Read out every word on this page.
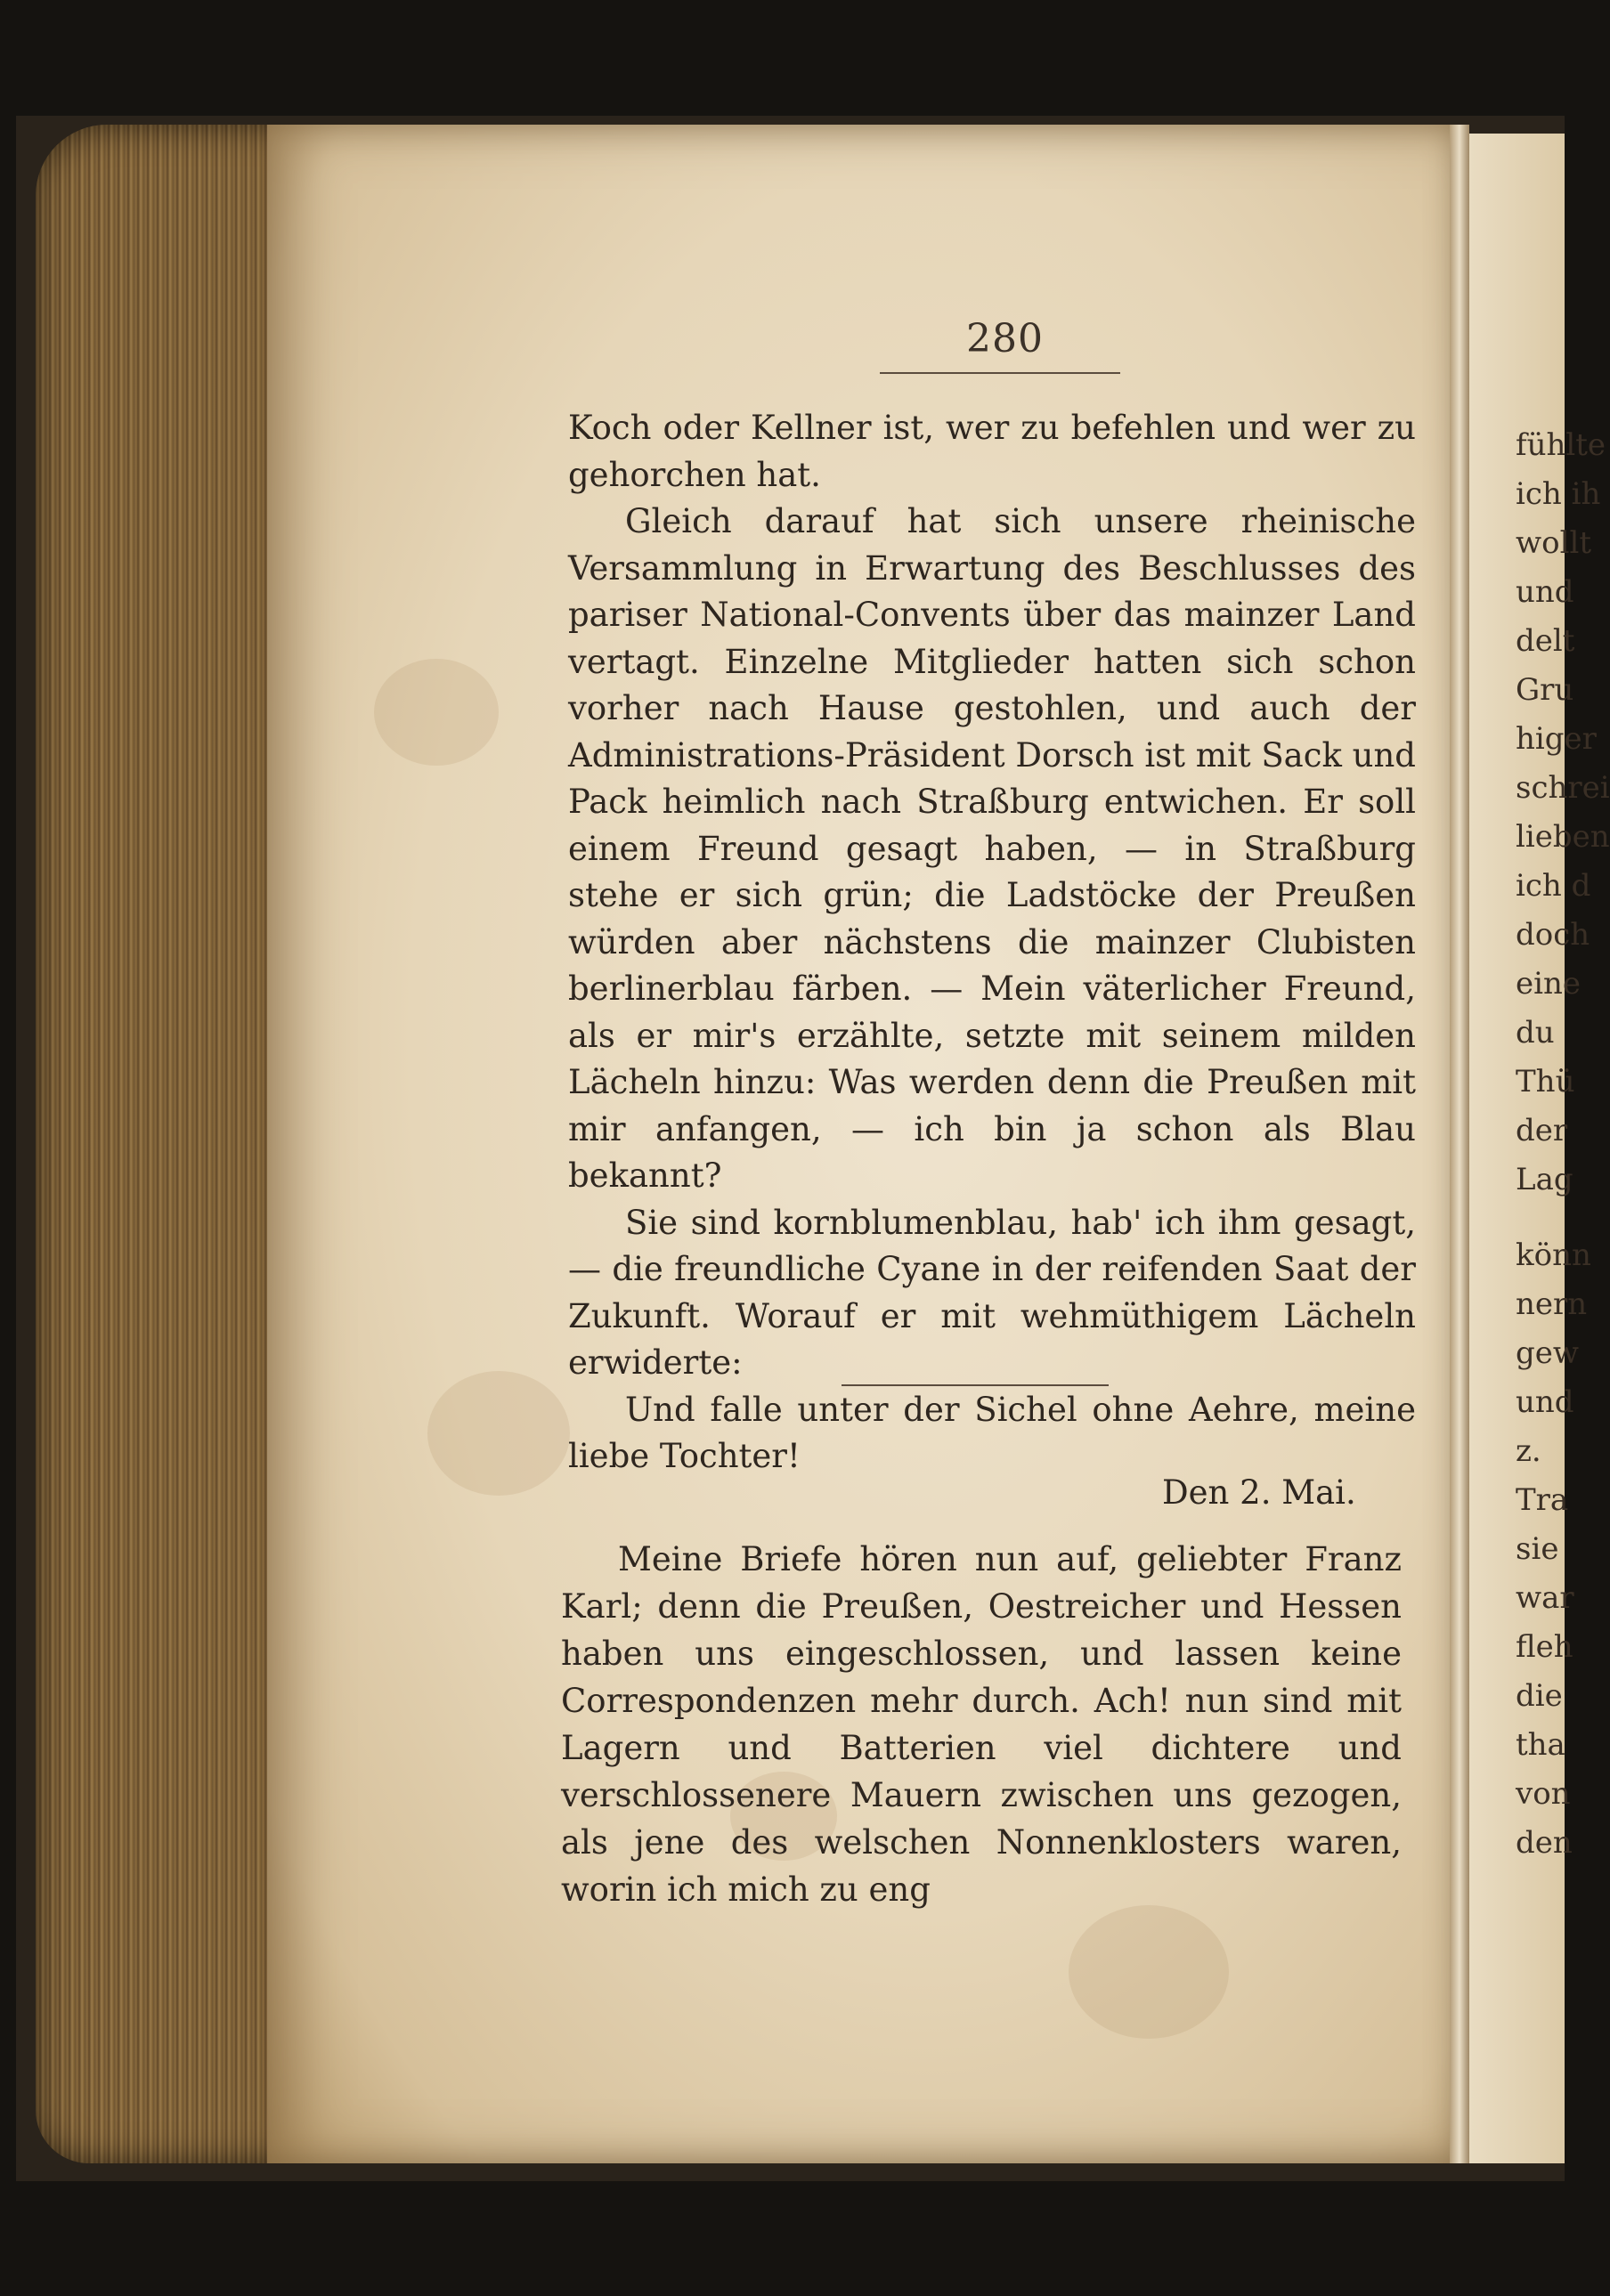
fühlte
ich ih
wollt
und
delt
Gru
higer
schrei
lieben
ich d
doch
eine
du
Thü
der
Lag
könn
nern
gew
und
z.
Tra
sie
war
fleh
die
tha
von
den
280

Koch oder Kellner ist, wer zu befehlen und wer zu gehorchen hat.

Gleich darauf hat sich unsere rheinische Versammlung in Erwartung des Beschlusses des pariser National-Convents über das mainzer Land vertagt. Einzelne Mitglieder hatten sich schon vorher nach Hause gestohlen, und auch der Administrations-Präsident Dorsch ist mit Sack und Pack heimlich nach Straßburg entwichen. Er soll einem Freund gesagt haben, — in Straßburg stehe er sich grün; die Ladstöcke der Preußen würden aber nächstens die mainzer Clubisten berlinerblau färben. — Mein väterlicher Freund, als er mir's erzählte, setzte mit seinem milden Lächeln hinzu: Was werden denn die Preußen mit mir anfangen, — ich bin ja schon als Blau bekannt?

Sie sind kornblumenblau, hab' ich ihm gesagt, — die freundliche Cyane in der reifenden Saat der Zukunft. Worauf er mit wehmüthigem Lächeln erwiderte:

Und falle unter der Sichel ohne Aehre, meine liebe Tochter!

Den 2. Mai.

Meine Briefe hören nun auf, geliebter Franz Karl; denn die Preußen, Oestreicher und Hessen haben uns eingeschlossen, und lassen keine Correspondenzen mehr durch. Ach! nun sind mit Lagern und Batterien viel dichtere und verschlossenere Mauern zwischen uns gezogen, als jene des welschen Nonnenklosters waren, worin ich mich zu eng
